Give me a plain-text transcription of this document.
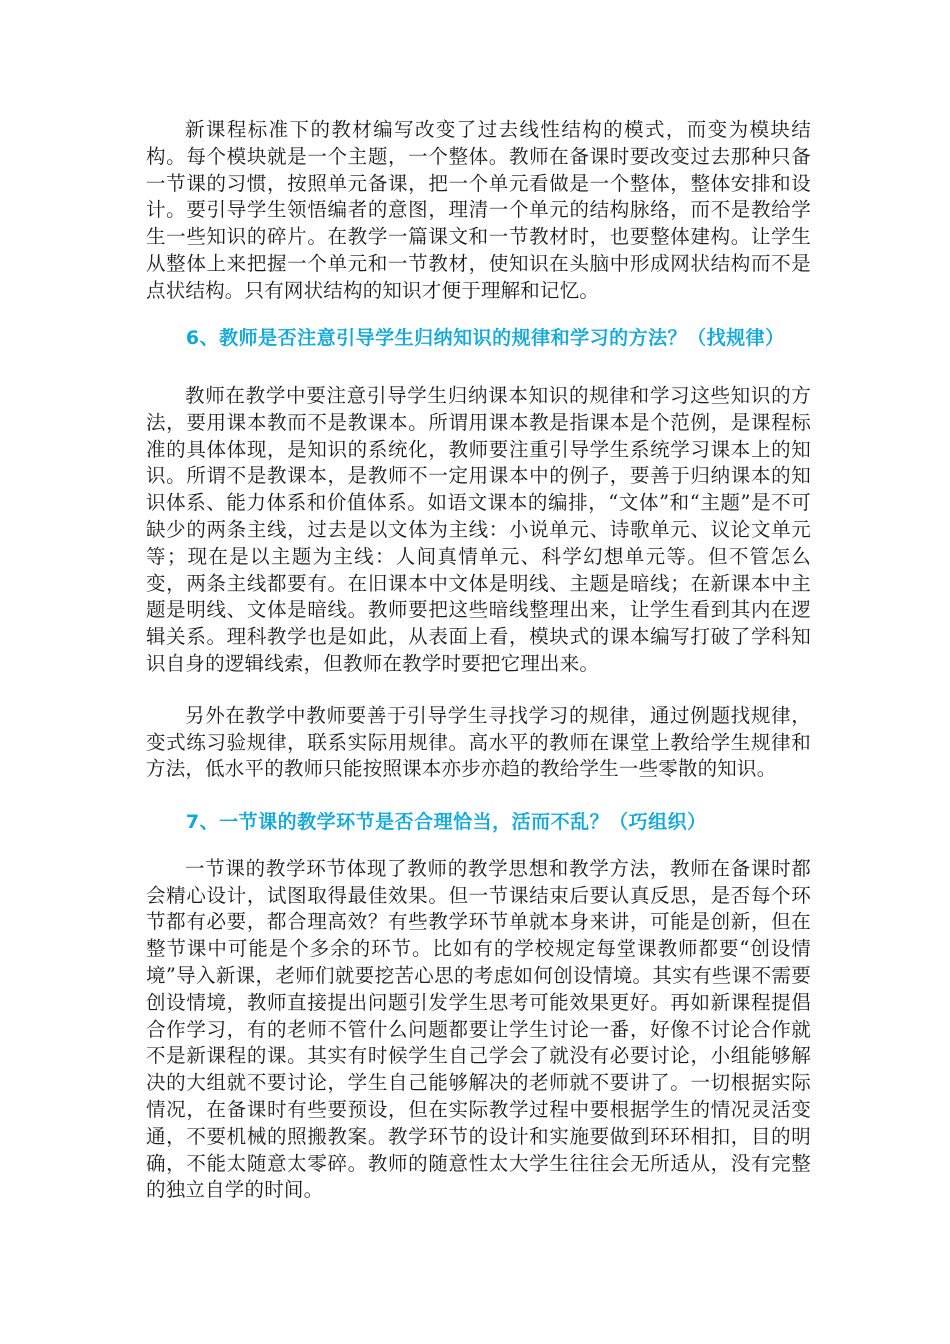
新课程标准下的教材编写改变了过去线性结构的模式，而变为模块结构。每个模块就是一个主题，一个整体。教师在备课时要改变过去那种只备一节课的习惯，按照单元备课，把一个单元看做是一个整体，整体安排和设计。要引导学生领悟编者的意图，理清一个单元的结构脉络，而不是教给学生一些知识的碎片。在教学一篇课文和一节教材时，也要整体建构。让学生从整体上来把握一个单元和一节教材，使知识在头脑中形成网状结构而不是点状结构。只有网状结构的知识才便于理解和记忆。

6、教师是否注意引导学生归纳知识的规律和学习的方法？（找规律）

教师在教学中要注意引导学生归纳课本知识的规律和学习这些知识的方法，要用课本教而不是教课本。所谓用课本教是指课本是个范例，是课程标准的具体体现，是知识的系统化，教师要注重引导学生系统学习课本上的知识。所谓不是教课本，是教师不一定用课本中的例子，要善于归纳课本的知识体系、能力体系和价值体系。如语文课本的编排，“文体”和“主题”是不可缺少的两条主线，过去是以文体为主线：小说单元、诗歌单元、议论文单元等；现在是以主题为主线：人间真情单元、科学幻想单元等。但不管怎么变，两条主线都要有。在旧课本中文体是明线、主题是暗线；在新课本中主题是明线、文体是暗线。教师要把这些暗线整理出来，让学生看到其内在逻辑关系。理科教学也是如此，从表面上看，模块式的课本编写打破了学科知识自身的逻辑线索，但教师在教学时要把它理出来。

另外在教学中教师要善于引导学生寻找学习的规律，通过例题找规律，变式练习验规律，联系实际用规律。高水平的教师在课堂上教给学生规律和方法，低水平的教师只能按照课本亦步亦趋的教给学生一些零散的知识。

7、一节课的教学环节是否合理恰当，活而不乱？（巧组织）

一节课的教学环节体现了教师的教学思想和教学方法，教师在备课时都会精心设计，试图取得最佳效果。但一节课结束后要认真反思，是否每个环节都有必要，都合理高效？有些教学环节单就本身来讲，可能是创新，但在整节课中可能是个多余的环节。比如有的学校规定每堂课教师都要“创设情境”导入新课，老师们就要挖苦心思的考虑如何创设情境。其实有些课不需要创设情境，教师直接提出问题引发学生思考可能效果更好。再如新课程提倡合作学习，有的老师不管什么问题都要让学生讨论一番，好像不讨论合作就不是新课程的课。其实有时候学生自己学会了就没有必要讨论，小组能够解决的大组就不要讨论，学生自己能够解决的老师就不要讲了。一切根据实际情况，在备课时有些要预设，但在实际教学过程中要根据学生的情况灵活变通，不要机械的照搬教案。教学环节的设计和实施要做到环环相扣，目的明确，不能太随意太零碎。教师的随意性太大学生往往会无所适从，没有完整的独立自学的时间。
